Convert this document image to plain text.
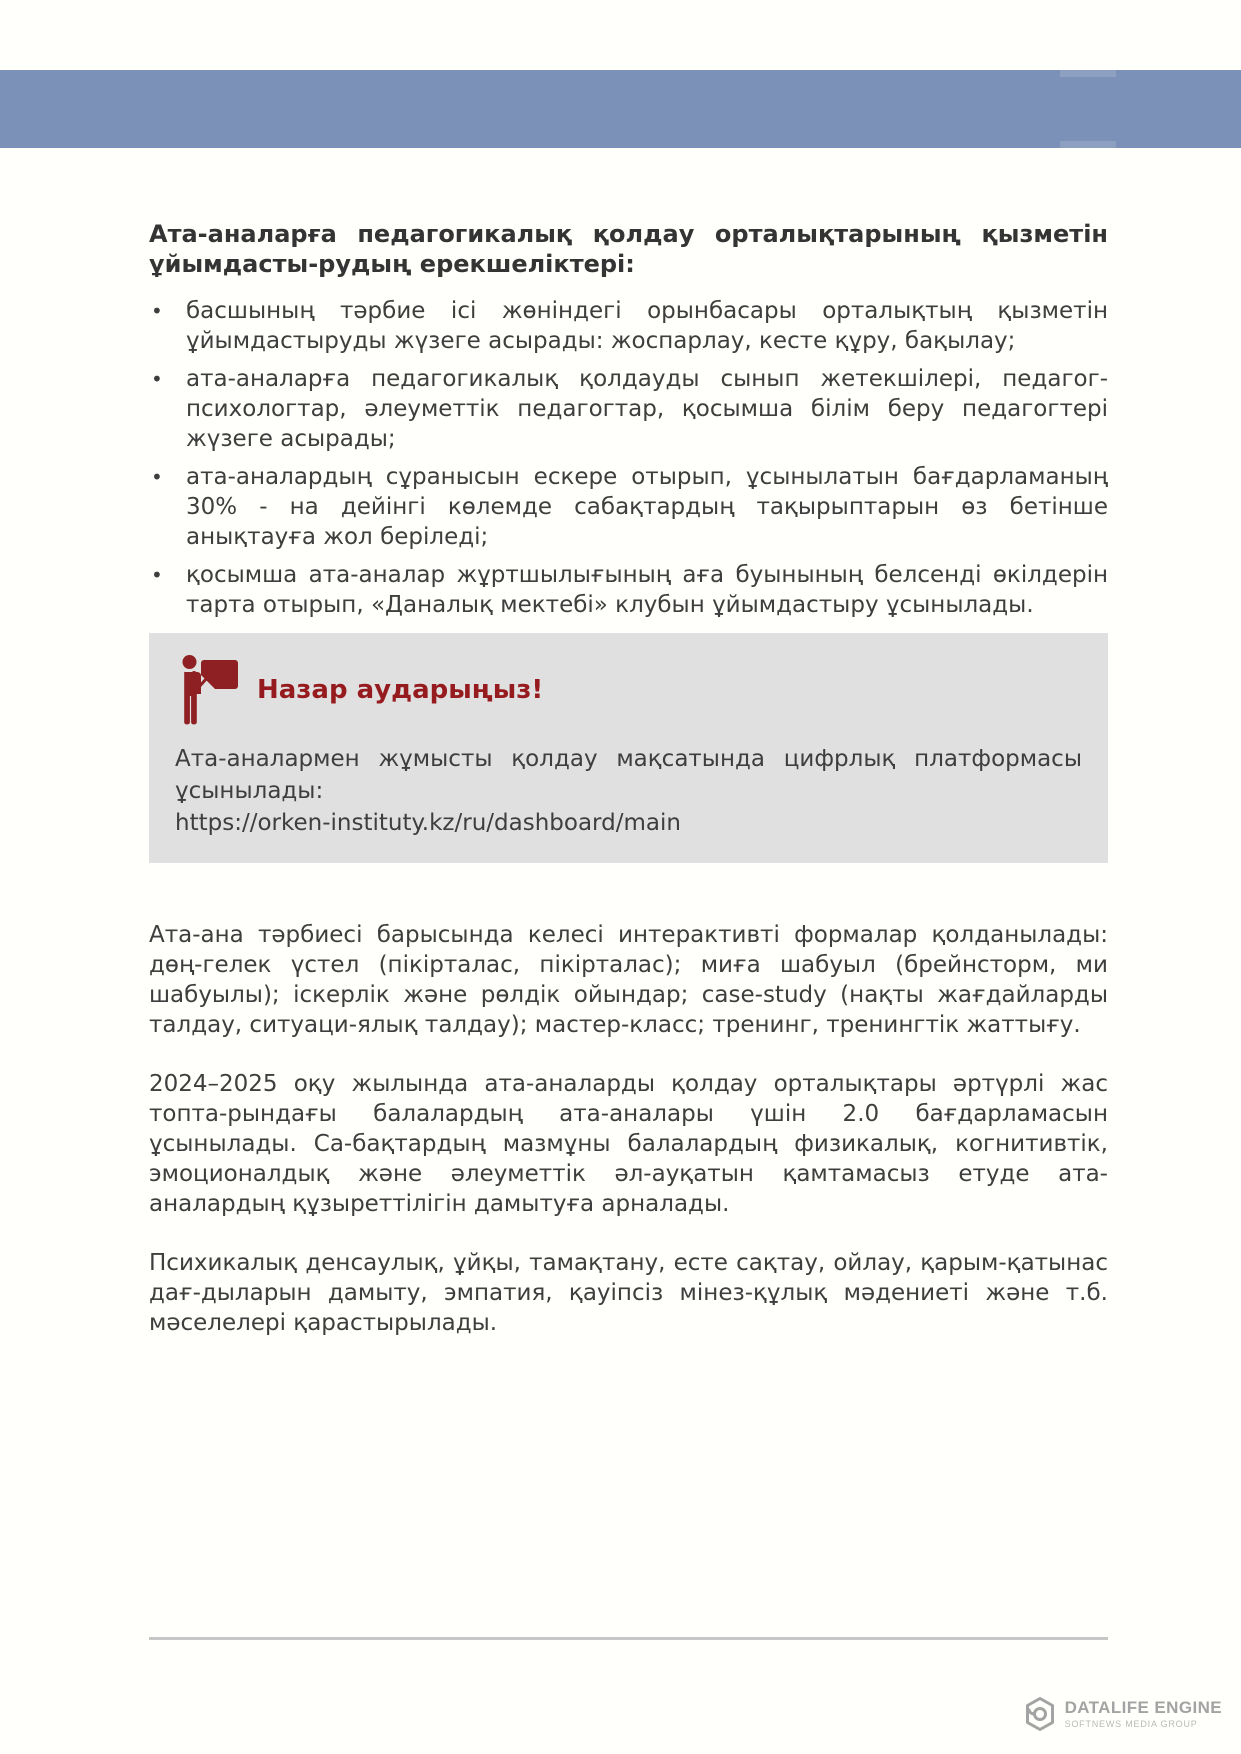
Ата-аналарға педагогикалық қолдау орталықтарының қызметін ұйымдасты-рудың ерекшеліктері:
• басшының тәрбие ісі жөніндегі орынбасары орталықтың қызметін ұйымдастыруды жүзеге асырады: жоспарлау, кесте құру, бақылау;
• ата-аналарға педагогикалық қолдауды сынып жетекшілері, педагог-психологтар, әлеуметтік педагогтар, қосымша білім беру педагогтері жүзеге асырады;
• ата-аналардың сұранысын ескере отырып, ұсынылатын бағдарламаның 30% - на дейінгі көлемде сабақтардың тақырыптарын өз бетінше анықтауға жол беріледі;
• қосымша ата-аналар жұртшылығының аға буынының белсенді өкілдерін тарта отырып, «Даналық мектебі» клубын ұйымдастыру ұсынылады.
Назар аударыңыз!
Ата-аналармен жұмысты қолдау мақсатында цифрлық платформасы ұсынылады:
https://orken-instituty.kz/ru/dashboard/main
Ата-ана тәрбиесі барысында келесі интерактивті формалар қолданылады: дөң-гелек үстел (пікірталас, пікірталас); миға шабуыл (брейнсторм, ми шабуылы); іскерлік және рөлдік ойындар; case-study (нақты жағдайларды талдау, ситуаци-ялық талдау); мастер-класс; тренинг, тренингтік жаттығу.
2024–2025 оқу жылында ата-аналарды қолдау орталықтары әртүрлі жас топта-рындағы балалардың ата-аналары үшін 2.0 бағдарламасын ұсынылады. Са-бақтардың мазмұны балалардың физикалық, когнитивтік, эмоционалдық және әлеуметтік әл-ауқатын қамтамасыз етуде ата-аналардың құзыреттілігін дамытуға арналады.
Психикалық денсаулық, ұйқы, тамақтану, есте сақтау, ойлау, қарым-қатынас дағ-дыларын дамыту, эмпатия, қауіпсіз мінез-құлық мәдениеті және т.б. мәселелері қарастырылады.
DATALIFE ENGINE
SOFTNEWS MEDIA GROUP
